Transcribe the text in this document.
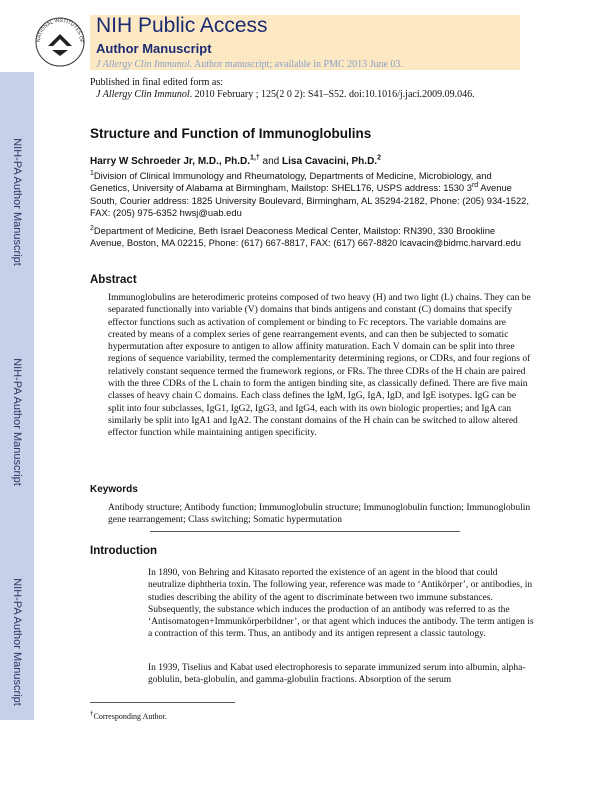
NIH-PA Author Manuscript
NIH-PA Author Manuscript
NIH-PA Author Manuscript
NATIONAL INSTITUTES OF
NIH Public Access
Author Manuscript
J Allergy Clin Immunol. Author manuscript; available in PMC 2013 June 03.
Published in final edited form as:
J Allergy Clin Immunol. 2010 February ; 125(2 0 2): S41–S52. doi:10.1016/j.jaci.2009.09.046.
Structure and Function of Immunoglobulins
Harry W Schroeder Jr, M.D., Ph.D.$^{1,\dagger}$ and Lisa Cavacini, Ph.D.$^2$
$^1$Division of Clinical Immunology and Rheumatology, Departments of Medicine, Microbiology, and Genetics, University of Alabama at Birmingham, Mailstop: SHEL176, USPS address: 1530 3rd Avenue South, Courier address: 1825 University Boulevard, Birmingham, AL 35294-2182, Phone: (205) 934-1522, FAX: (205) 975-6352 hwsj@uab.edu
$^2$Department of Medicine, Beth Israel Deaconess Medical Center, Mailstop: RN390, 330 Brookline Avenue, Boston, MA 02215, Phone: (617) 667-8817, FAX: (617) 667-8820 lcavacin@bidmc.harvard.edu
Abstract
Immunoglobulins are heterodimeric proteins composed of two heavy (H) and two light (L) chains. They can be separated functionally into variable (V) domains that binds antigens and constant (C) domains that specify effector functions such as activation of complement or binding to Fc receptors. The variable domains are created by means of a complex series of gene rearrangement events, and can then be subjected to somatic hypermutation after exposure to antigen to allow affinity maturation. Each V domain can be split into three regions of sequence variability, termed the complementarity determining regions, or CDRs, and four regions of relatively constant sequence termed the framework regions, or FRs. The three CDRs of the H chain are paired with the three CDRs of the L chain to form the antigen binding site, as classically defined. There are five main classes of heavy chain C domains. Each class defines the IgM, IgG, IgA, IgD, and IgE isotypes. IgG can be split into four subclasses, IgG1, IgG2, IgG3, and IgG4, each with its own biologic properties; and IgA can similarly be split into IgA1 and IgA2. The constant domains of the H chain can be switched to allow altered effector function while maintaining antigen specificity.
Keywords
Antibody structure; Antibody function; Immunoglobulin structure; Immunoglobulin function; Immunoglobulin gene rearrangement; Class switching; Somatic hypermutation
Introduction
In 1890, von Behring and Kitasato reported the existence of an agent in the blood that could neutralize diphtheria toxin. The following year, reference was made to ‘Antikörper’, or antibodies, in studies describing the ability of the agent to discriminate between two immune substances. Subsequently, the substance which induces the production of an antibody was referred to as the ‘Antisomatogen+Immunkörperbildner’, or that agent which induces the antibody. The term antigen is a contraction of this term. Thus, an antibody and its antigen represent a classic tautology.
In 1939, Tiselius and Kabat used electrophoresis to separate immunized serum into albumin, alpha-goblulin, beta-globulin, and gamma-globulin fractions. Absorption of the serum
†Corresponding Author.
